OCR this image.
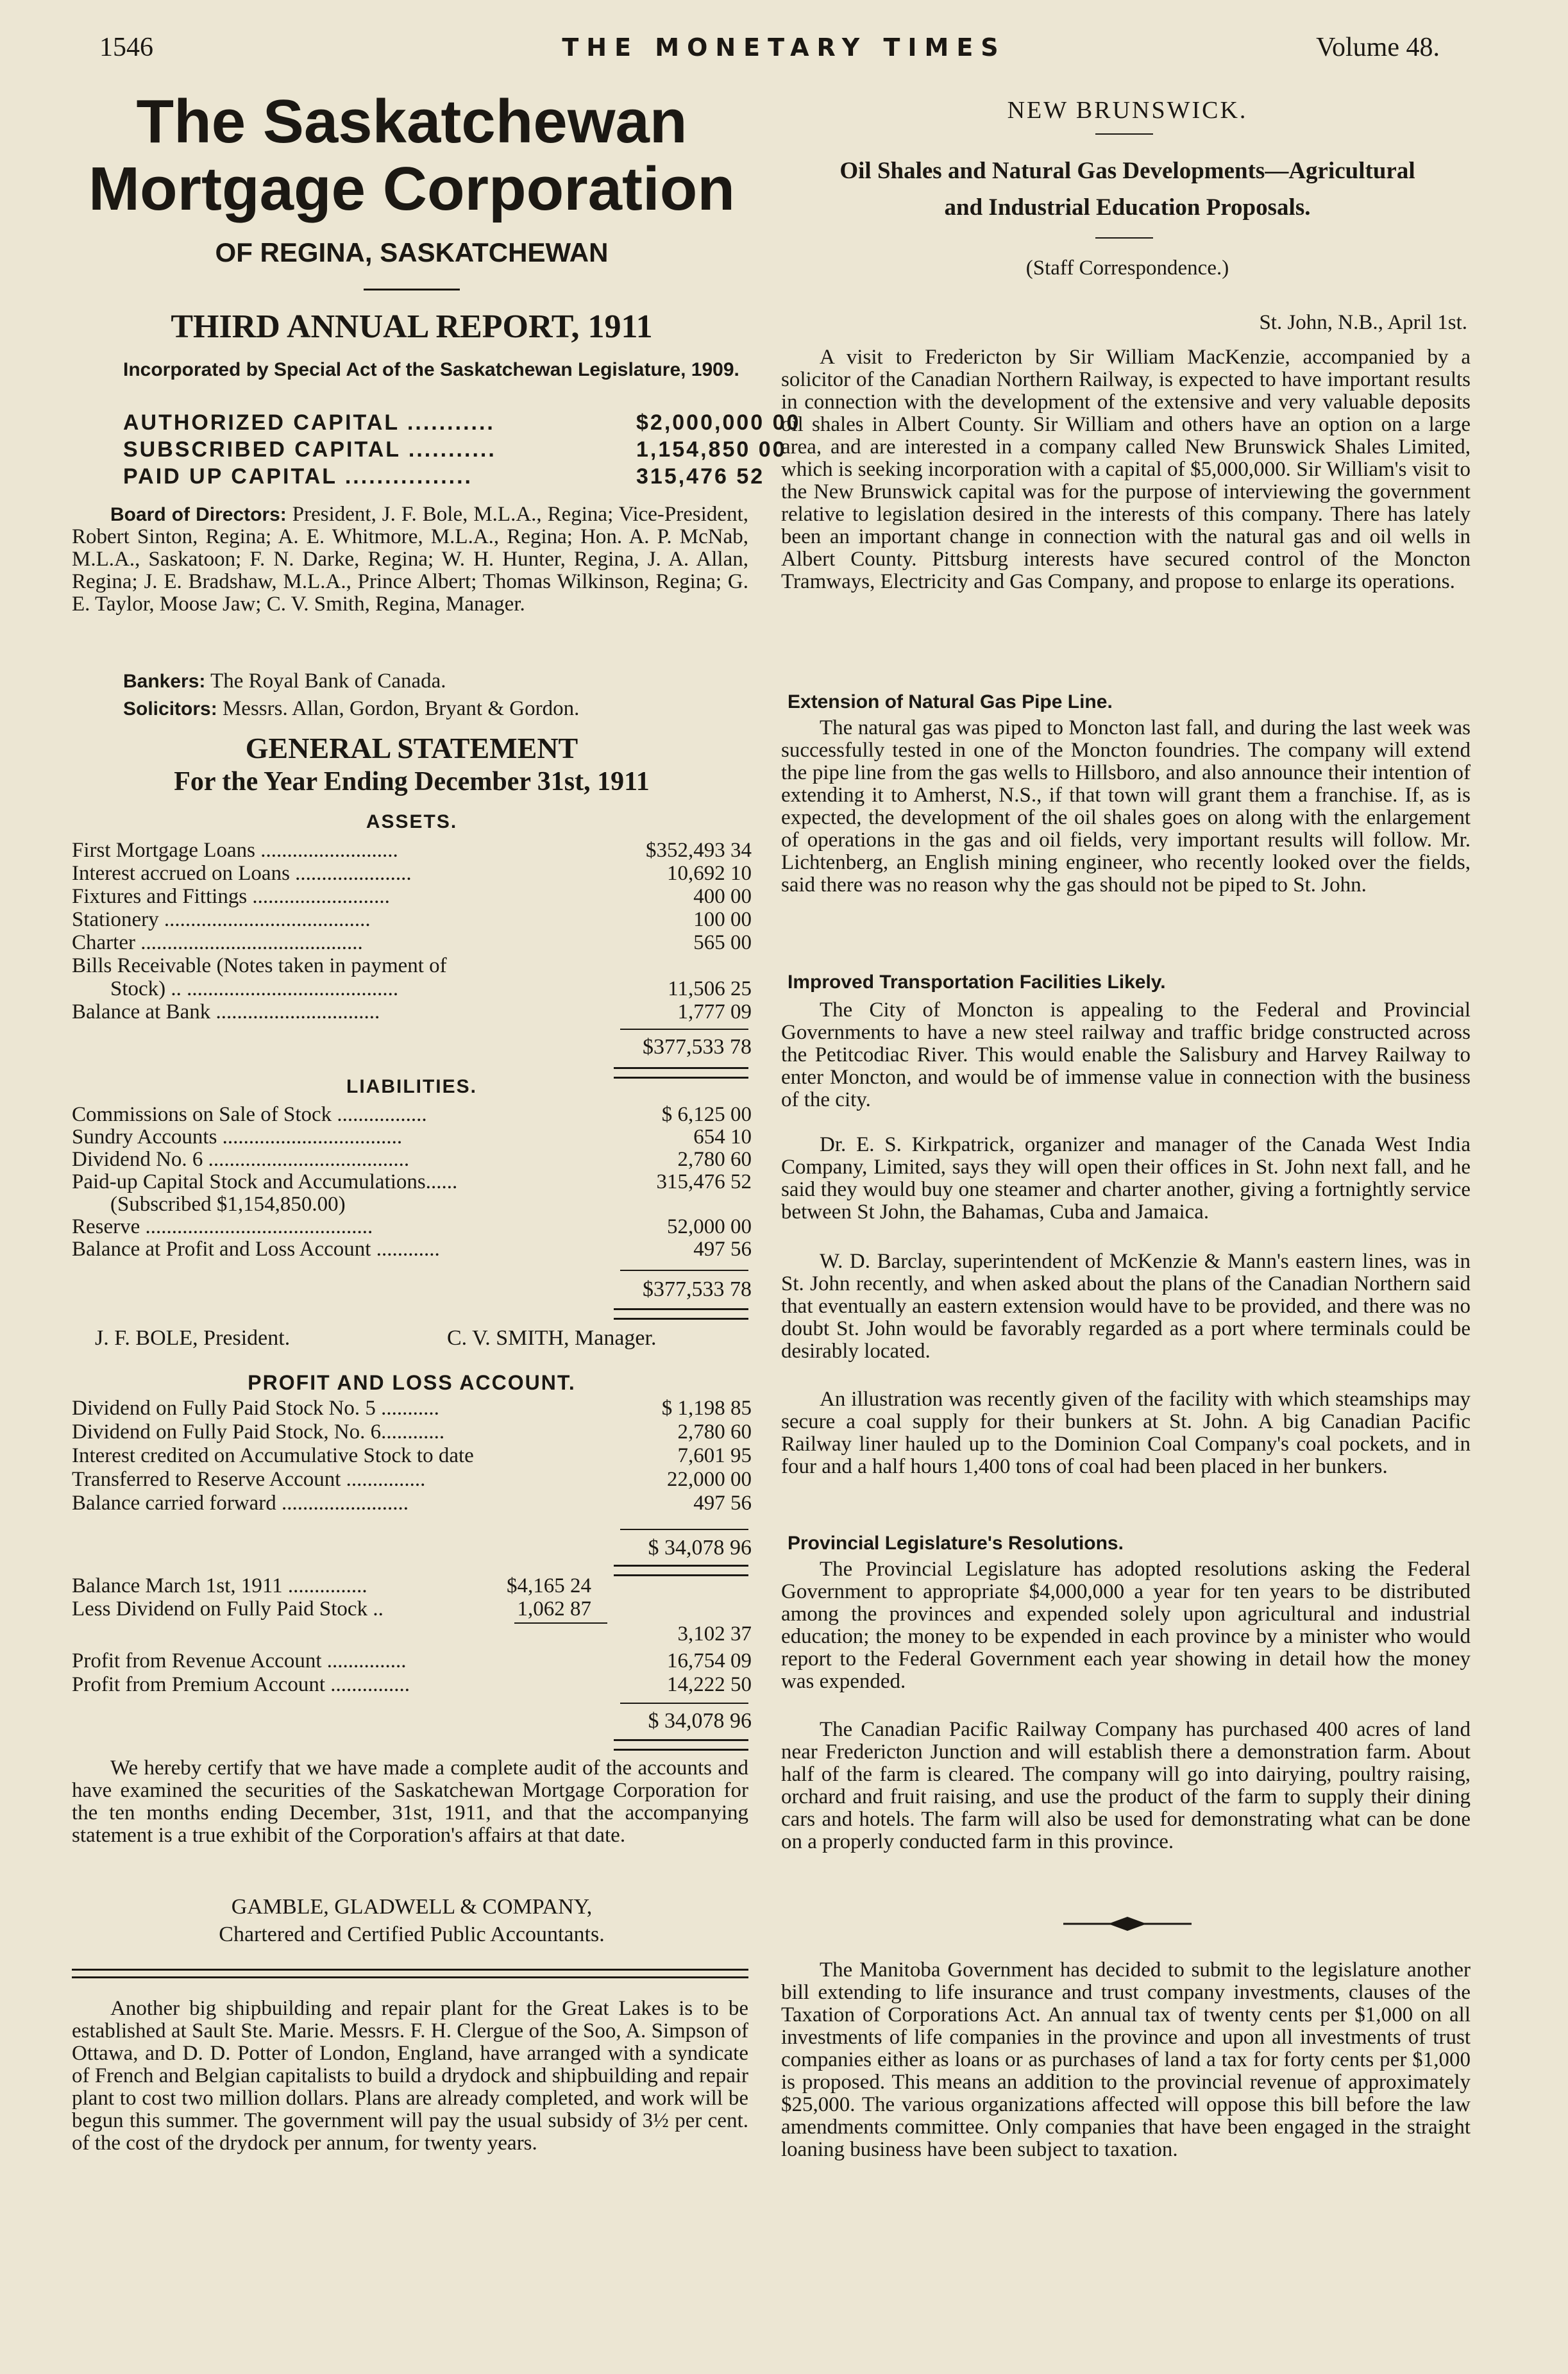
1546	THE MONETARY TIMES	Volume 48.
The Saskatchewan
Mortgage Corporation
OF REGINA, SASKATCHEWAN
THIRD ANNUAL REPORT, 1911
Incorporated by Special Act of the Saskatchewan Legislature, 1909.
AUTHORIZED CAPITAL ...........	$2,000,000 00
SUBSCRIBED CAPITAL ...........	1,154,850 00
PAID UP CAPITAL ................	315,476 52
Board of Directors: President, J. F. Bole, M.L.A., Regina; Vice-President, Robert Sinton, Regina; A. E. Whitmore, M.L.A., Regina; Hon. A. P. McNab, M.L.A., Saskatoon; F. N. Darke, Regina; W. H. Hunter, Regina, J. A. Allan, Regina; J. E. Bradshaw, M.L.A., Prince Albert; Thomas Wilkinson, Regina; G. E. Taylor, Moose Jaw; C. V. Smith, Regina, Manager.
Bankers: The Royal Bank of Canada.
Solicitors: Messrs. Allan, Gordon, Bryant & Gordon.
GENERAL STATEMENT
For the Year Ending December 31st, 1911
ASSETS.
First Mortgage Loans ..........................	$352,493 34
Interest accrued on Loans ......................	10,692 10
Fixtures and Fittings ..........................	400 00
Stationery .......................................	100 00
Charter ..........................................	565 00
Bills Receivable (Notes taken in payment of
Stock) .. ........................................	11,506 25
Balance at Bank ...............................	1,777 09
$377,533 78
LIABILITIES.
Commissions on Sale of Stock .................	$ 6,125 00
Sundry Accounts ..................................	654 10
Dividend No. 6 ......................................	2,780 60
Paid-up Capital Stock and Accumulations......	315,476 52
(Subscribed $1,154,850.00)
Reserve ...........................................	52,000 00
Balance at Profit and Loss Account ............	497 56
$377,533 78
J. F. BOLE, President.	C. V. SMITH, Manager.
PROFIT AND LOSS ACCOUNT.
Dividend on Fully Paid Stock No. 5 ...........	$ 1,198 85
Dividend on Fully Paid Stock, No. 6............	2,780 60
Interest credited on Accumulative Stock to date	7,601 95
Transferred to Reserve Account ...............	22,000 00
Balance carried forward ........................	497 56
$ 34,078 96
Balance March 1st, 1911 ...............	$4,165 24
Less Dividend on Fully Paid Stock ..	1,062 87
3,102 37
Profit from Revenue Account ...............	16,754 09
Profit from Premium Account ...............	14,222 50
$ 34,078 96
We hereby certify that we have made a complete audit of the accounts and have examined the securities of the Saskatchewan Mortgage Corporation for the ten months ending December, 31st, 1911, and that the accompanying statement is a true exhibit of the Corporation's affairs at that date.
GAMBLE, GLADWELL & COMPANY,
Chartered and Certified Public Accountants.
Another big shipbuilding and repair plant for the Great Lakes is to be established at Sault Ste. Marie. Messrs. F. H. Clergue of the Soo, A. Simpson of Ottawa, and D. D. Potter of London, England, have arranged with a syndicate of French and Belgian capitalists to build a drydock and shipbuilding and repair plant to cost two million dollars. Plans are already completed, and work will be begun this summer. The government will pay the usual subsidy of 3½ per cent. of the cost of the drydock per annum, for twenty years.
NEW BRUNSWICK.
Oil Shales and Natural Gas Developments—Agricultural
and Industrial Education Proposals.
(Staff Correspondence.)
St. John, N.B., April 1st.
A visit to Fredericton by Sir William MacKenzie, accompanied by a solicitor of the Canadian Northern Railway, is expected to have important results in connection with the development of the extensive and very valuable deposits oil shales in Albert County. Sir William and others have an option on a large area, and are interested in a company called New Brunswick Shales Limited, which is seeking incorporation with a capital of $5,000,000. Sir William's visit to the New Brunswick capital was for the purpose of interviewing the government relative to legislation desired in the interests of this company. There has lately been an important change in connection with the natural gas and oil wells in Albert County. Pittsburg interests have secured control of the Moncton Tramways, Electricity and Gas Company, and propose to enlarge its operations.
Extension of Natural Gas Pipe Line.
The natural gas was piped to Moncton last fall, and during the last week was successfully tested in one of the Moncton foundries. The company will extend the pipe line from the gas wells to Hillsboro, and also announce their intention of extending it to Amherst, N.S., if that town will grant them a franchise. If, as is expected, the development of the oil shales goes on along with the enlargement of operations in the gas and oil fields, very important results will follow. Mr. Lichtenberg, an English mining engineer, who recently looked over the fields, said there was no reason why the gas should not be piped to St. John.
Improved Transportation Facilities Likely.
The City of Moncton is appealing to the Federal and Provincial Governments to have a new steel railway and traffic bridge constructed across the Petitcodiac River. This would enable the Salisbury and Harvey Railway to enter Moncton, and would be of immense value in connection with the business of the city.
Dr. E. S. Kirkpatrick, organizer and manager of the Canada West India Company, Limited, says they will open their offices in St. John next fall, and he said they would buy one steamer and charter another, giving a fortnightly service between St John, the Bahamas, Cuba and Jamaica.
W. D. Barclay, superintendent of McKenzie & Mann's eastern lines, was in St. John recently, and when asked about the plans of the Canadian Northern said that eventually an eastern extension would have to be provided, and there was no doubt St. John would be favorably regarded as a port where terminals could be desirably located.
An illustration was recently given of the facility with which steamships may secure a coal supply for their bunkers at St. John. A big Canadian Pacific Railway liner hauled up to the Dominion Coal Company's coal pockets, and in four and a half hours 1,400 tons of coal had been placed in her bunkers.
Provincial Legislature's Resolutions.
The Provincial Legislature has adopted resolutions asking the Federal Government to appropriate $4,000,000 a year for ten years to be distributed among the provinces and expended solely upon agricultural and industrial education; the money to be expended in each province by a minister who would report to the Federal Government each year showing in detail how the money was expended.
The Canadian Pacific Railway Company has purchased 400 acres of land near Fredericton Junction and will establish there a demonstration farm. About half of the farm is cleared. The company will go into dairying, poultry raising, orchard and fruit raising, and use the product of the farm to supply their dining cars and hotels. The farm will also be used for demonstrating what can be done on a properly conducted farm in this province.
The Manitoba Government has decided to submit to the legislature another bill extending to life insurance and trust company investments, clauses of the Taxation of Corporations Act. An annual tax of twenty cents per $1,000 on all investments of life companies in the province and upon all investments of trust companies either as loans or as purchases of land a tax for forty cents per $1,000 is proposed. This means an addition to the provincial revenue of approximately $25,000. The various organizations affected will oppose this bill before the law amendments committee. Only companies that have been engaged in the straight loaning business have been subject to taxation.
